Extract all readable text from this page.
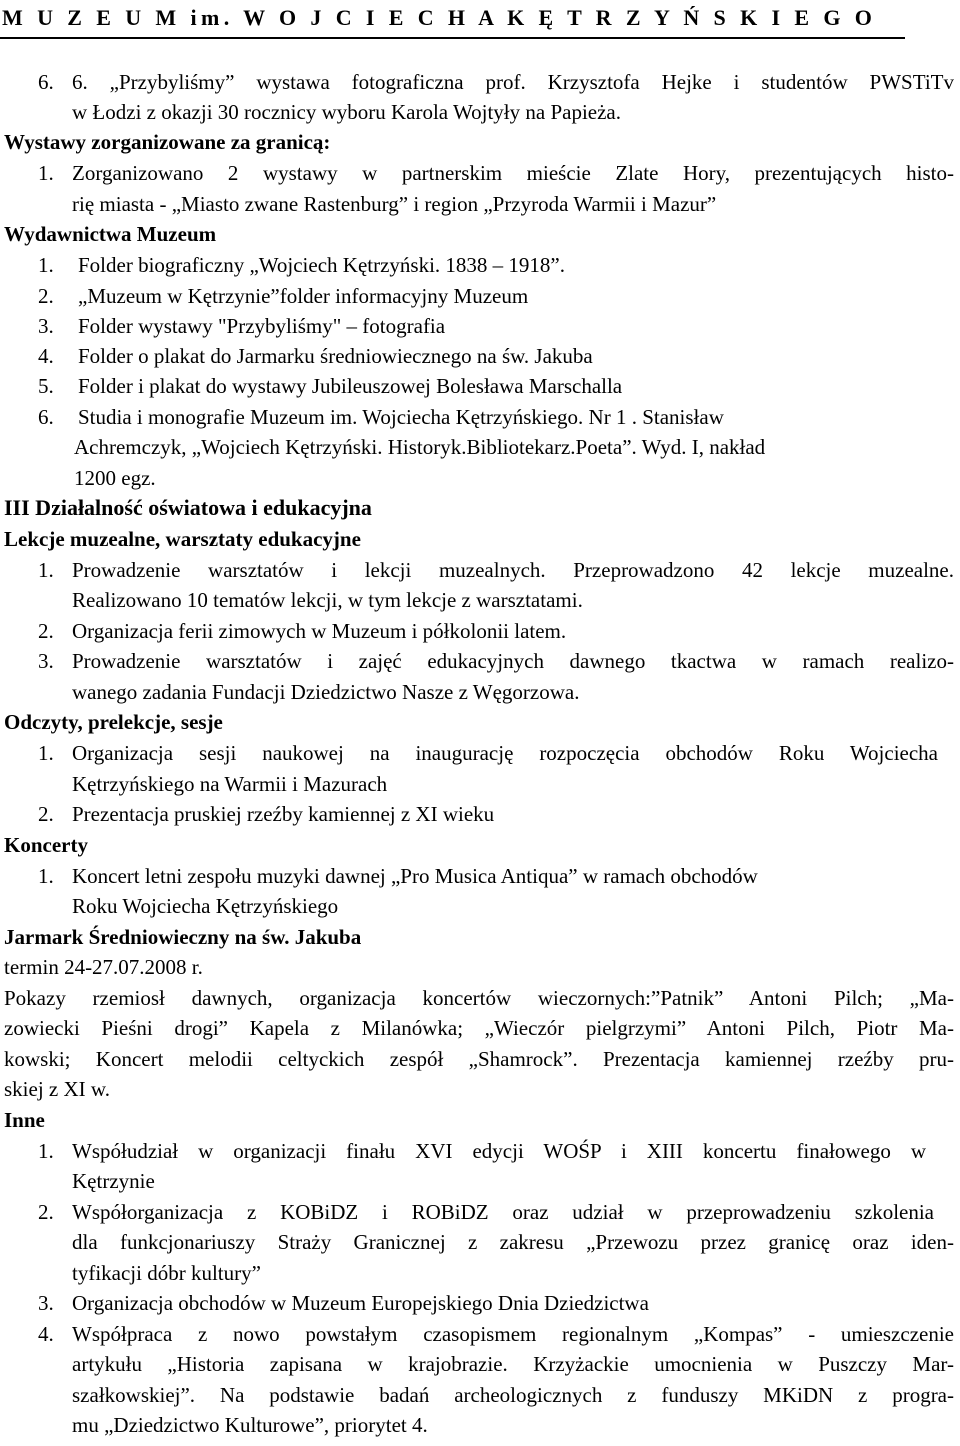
M U Z E U M im. W O J C I E C H A K Ę T R Z Y Ń S K I E G O
6. 6. „Przybyliśmy” wystawa fotograficzna prof. Krzysztofa Hejke i studentów PWSTiTv
w Łodzi z okazji 30 rocznicy wyboru Karola Wojtyły na Papieża.
Wystawy zorganizowane za granicą:
1. Zorganizowano 2 wystawy w partnerskim mieście Zlate Hory, prezentujących histo-
rię miasta - „Miasto zwane Rastenburg” i region „Przyroda Warmii i Mazur”
Wydawnictwa Muzeum
1. Folder biograficzny „Wojciech Kętrzyński. 1838 – 1918”.
2. „Muzeum w Kętrzynie”folder informacyjny Muzeum
3. Folder wystawy "Przybyliśmy" – fotografia
4. Folder o plakat do Jarmarku średniowiecznego na św. Jakuba
5. Folder i plakat do wystawy Jubileuszowej Bolesława Marschalla
6. Studia i monografie Muzeum im. Wojciecha Kętrzyńskiego. Nr 1 . Stanisław
Achremczyk, „Wojciech Kętrzyński. Historyk.Bibliotekarz.Poeta”. Wyd. I, nakład
1200 egz.
III Działalność oświatowa i edukacyjna
Lekcje muzealne, warsztaty edukacyjne
1. Prowadzenie warsztatów i lekcji muzealnych. Przeprowadzono 42 lekcje muzealne.
Realizowano 10 tematów lekcji, w tym lekcje z warsztatami.
2. Organizacja ferii zimowych w Muzeum i półkolonii latem.
3. Prowadzenie warsztatów i zajęć edukacyjnych dawnego tkactwa w ramach realizo-
wanego zadania Fundacji Dziedzictwo Nasze z Węgorzowa.
Odczyty, prelekcje, sesje
1. Organizacja sesji naukowej na inaugurację rozpoczęcia obchodów Roku Wojciecha
Kętrzyńskiego na Warmii i Mazurach
2. Prezentacja pruskiej rzeźby kamiennej z XI wieku
Koncerty
1. Koncert letni zespołu muzyki dawnej „Pro Musica Antiqua” w ramach obchodów
Roku Wojciecha Kętrzyńskiego
Jarmark Średniowieczny na św. Jakuba
termin 24-27.07.2008 r.
Pokazy rzemiosł dawnych, organizacja koncertów wieczornych:”Patnik” Antoni Pilch; „Ma-
zowiecki Pieśni drogi” Kapela z Milanówka; „Wieczór pielgrzymi” Antoni Pilch, Piotr Ma-
kowski; Koncert melodii celtyckich zespół „Shamrock”. Prezentacja kamiennej rzeźby pru-
skiej z XI w.
Inne
1. Współudział w organizacji finału XVI edycji WOŚP i XIII koncertu finałowego w
Kętrzynie
2. Współorganizacja z KOBiDZ i ROBiDZ oraz udział w przeprowadzeniu szkolenia
dla funkcjonariuszy Straży Granicznej z zakresu „Przewozu przez granicę oraz iden-
tyfikacji dóbr kultury”
3. Organizacja obchodów w Muzeum Europejskiego Dnia Dziedzictwa
4. Współpraca z nowo powstałym czasopismem regionalnym „Kompas” - umieszczenie
artykułu „Historia zapisana w krajobrazie. Krzyżackie umocnienia w Puszczy Mar-
szałkowskiej”. Na podstawie badań archeologicznych z funduszy MKiDN z progra-
mu „Dziedzictwo Kulturowe”, priorytet 4.
